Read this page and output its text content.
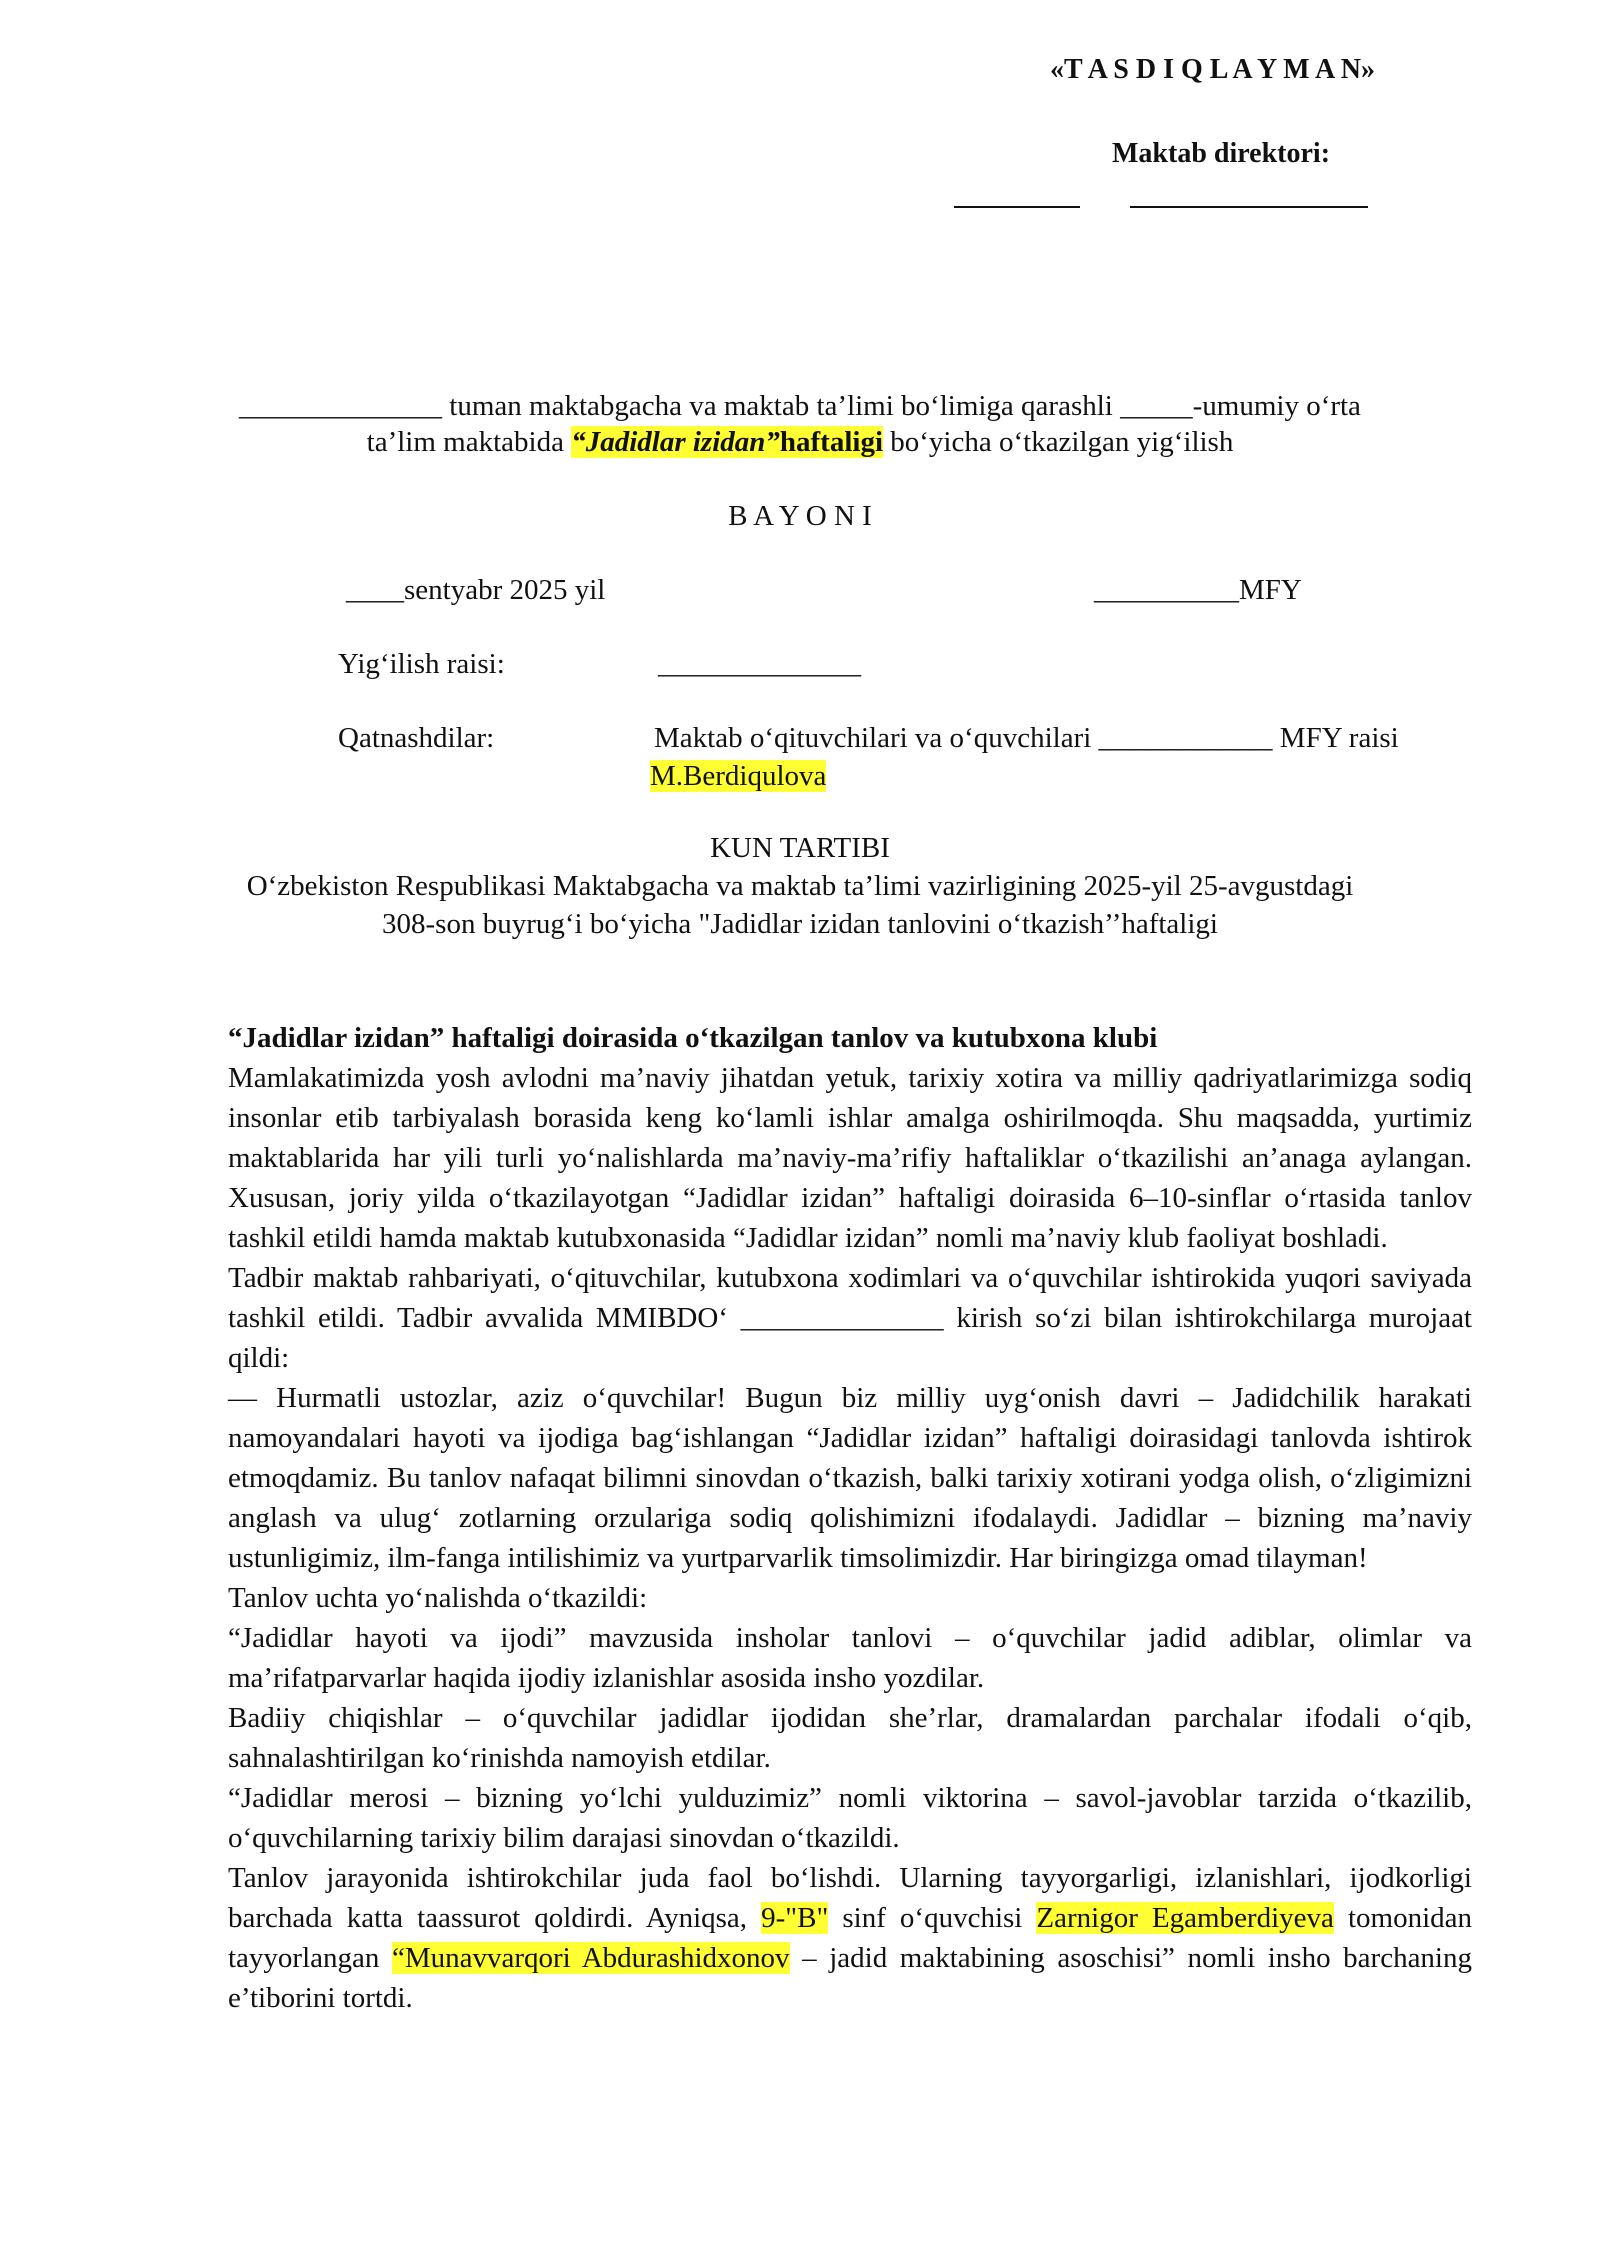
«T A S D I Q L A Y M A N»
Maktab direktori:
______________ tuman maktabgacha va maktab ta’limi bo‘limiga qarashli _____-umumiy o‘rta
ta’lim maktabida “Jadidlar izidan”haftaligi bo‘yicha o‘tkazilgan yig‘ilish
B A Y O N I
____sentyabr 2025 yil	__________MFY
Yig‘ilish raisi:	______________
Qatnashdilar:	Maktab o‘qituvchilari va o‘quvchilari ____________ MFY raisi
M.Berdiqulova
KUN TARTIBI
O‘zbekiston Respublikasi Maktabgacha va maktab ta’limi vazirligining 2025-yil 25-avgustdagi
308-son buyrug‘i bo‘yicha "Jadidlar izidan tanlovini o‘tkazish’’haftaligi

“Jadidlar izidan” haftaligi doirasida o‘tkazilgan tanlov va kutubxona klubi

Mamlakatimizda yosh avlodni ma’naviy jihatdan yetuk, tarixiy xotira va milliy qadriyatlarimizga sodiq insonlar etib tarbiyalash borasida keng ko‘lamli ishlar amalga oshirilmoqda. Shu maqsadda, yurtimiz maktablarida har yili turli yo‘nalishlarda ma’naviy-ma’rifiy haftaliklar o‘tkazilishi an’anaga aylangan. Xususan, joriy yilda o‘tkazilayotgan “Jadidlar izidan” haftaligi doirasida 6–10-sinflar o‘rtasida tanlov tashkil etildi hamda maktab kutubxonasida “Jadidlar izidan” nomli ma’naviy klub faoliyat boshladi.

Tadbir maktab rahbariyati, o‘qituvchilar, kutubxona xodimlari va o‘quvchilar ishtirokida yuqori saviyada tashkil etildi. Tadbir avvalida MMIBDO‘ ______________ kirish so‘zi bilan ishtirokchilarga murojaat qildi:

— Hurmatli ustozlar, aziz o‘quvchilar! Bugun biz milliy uyg‘onish davri – Jadidchilik harakati namoyandalari hayoti va ijodiga bag‘ishlangan “Jadidlar izidan” haftaligi doirasidagi tanlovda ishtirok etmoqdamiz. Bu tanlov nafaqat bilimni sinovdan o‘tkazish, balki tarixiy xotirani yodga olish, o‘zligimizni anglash va ulug‘ zotlarning orzulariga sodiq qolishimizni ifodalaydi. Jadidlar – bizning ma’naviy ustunligimiz, ilm-fanga intilishimiz va yurtparvarlik timsolimizdir. Har biringizga omad tilayman!

Tanlov uchta yo‘nalishda o‘tkazildi:

“Jadidlar hayoti va ijodi” mavzusida insholar tanlovi – o‘quvchilar jadid adiblar, olimlar va ma’rifatparvarlar haqida ijodiy izlanishlar asosida insho yozdilar.

Badiiy chiqishlar – o‘quvchilar jadidlar ijodidan she’rlar, dramalardan parchalar ifodali o‘qib, sahnalashtirilgan ko‘rinishda namoyish etdilar.

“Jadidlar merosi – bizning yo‘lchi yulduzimiz” nomli viktorina – savol-javoblar tarzida o‘tkazilib, o‘quvchilarning tarixiy bilim darajasi sinovdan o‘tkazildi.

Tanlov jarayonida ishtirokchilar juda faol bo‘lishdi. Ularning tayyorgarligi, izlanishlari, ijodkorligi barchada katta taassurot qoldirdi. Ayniqsa, 9-"B" sinf o‘quvchisi Zarnigor Egamberdiyeva tomonidan tayyorlangan “Munavvarqori Abdurashidxonov – jadid maktabining asoschisi” nomli insho barchaning e’tiborini tortdi.
